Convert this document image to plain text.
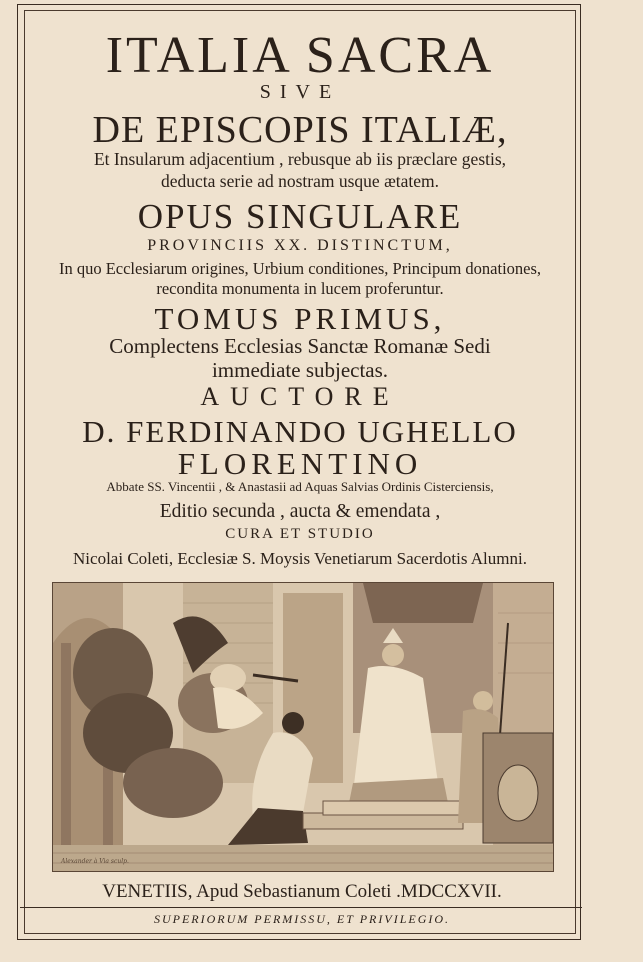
ITALIA SACRA
SIVE
DE EPISCOPIS ITALIÆ,
Et Insularum adjacentium , rebusque ab iis præclare gestis,
deducta serie ad nostram usque ætatem.
OPUS SINGULARE
PROVINCIIS XX. DISTINCTUM,
In quo Ecclesiarum origines, Urbium conditiones, Principum donationes,
recondita monumenta in lucem proferuntur.
TOMUS PRIMUS,
Complectens Ecclesias Sanctæ Romanæ Sedi
immediate subjectas.
AUCTORE
D. FERDINANDO UGHELLO
FLORENTINO
Abbate SS. Vincentii , & Anastasii ad Aquas Salvias Ordinis Cisterciensis,
Editio secunda , aucta & emendata ,
CURA ET STUDIO
Nicolai Coleti, Ecclesiæ S. Moysis Venetiarum Sacerdotis Alumni.
Alexander à Via sculp.
VENETIIS, Apud Sebastianum Coleti .MDCCXVII.
SUPERIORUM PERMISSU, ET PRIVILEGIO.
